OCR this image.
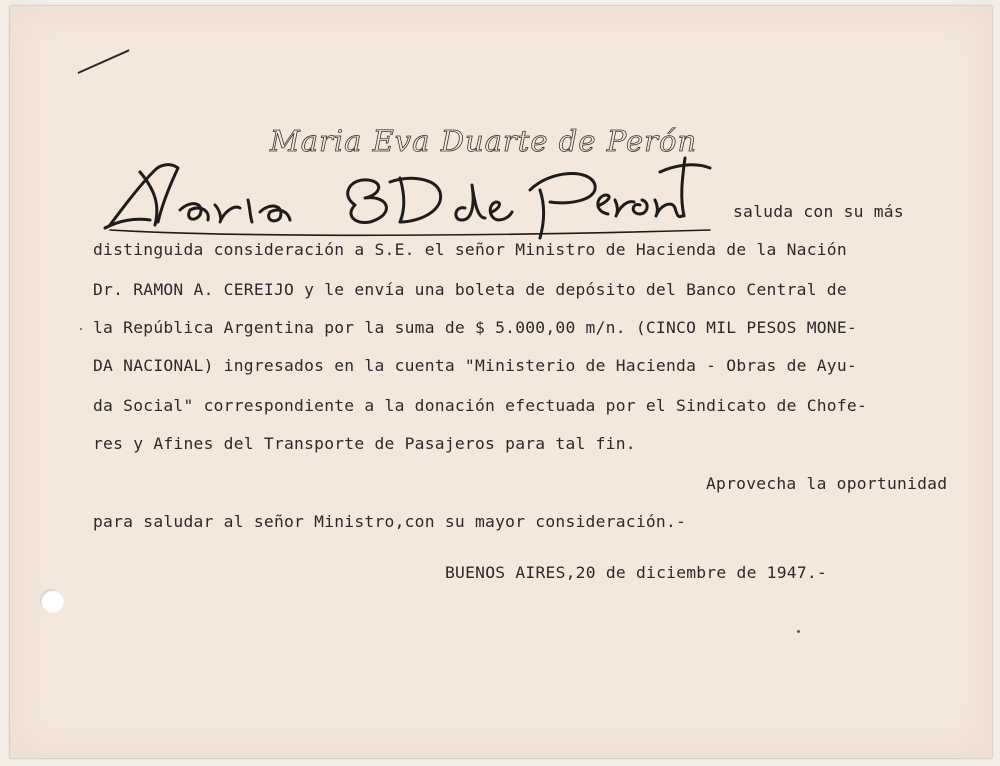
Maria Eva Duarte de Perón
saluda con su más
distinguida consideración a S.E. el señor Ministro de Hacienda de la Nación
Dr. RAMON A. CEREIJO y le envía una boleta de depósito del Banco Central de
la República Argentina por la suma de $ 5.000,00 m/n. (CINCO MIL PESOS MONE-
DA NACIONAL) ingresados en la cuenta "Ministerio de Hacienda - Obras de Ayu-
da Social" correspondiente a la donación efectuada por el Sindicato de Chofe-
res y Afines del Transporte de Pasajeros para tal fin.
Aprovecha la oportunidad
para saludar al señor Ministro,con su mayor consideración.-
BUENOS AIRES,20 de diciembre de 1947.-
